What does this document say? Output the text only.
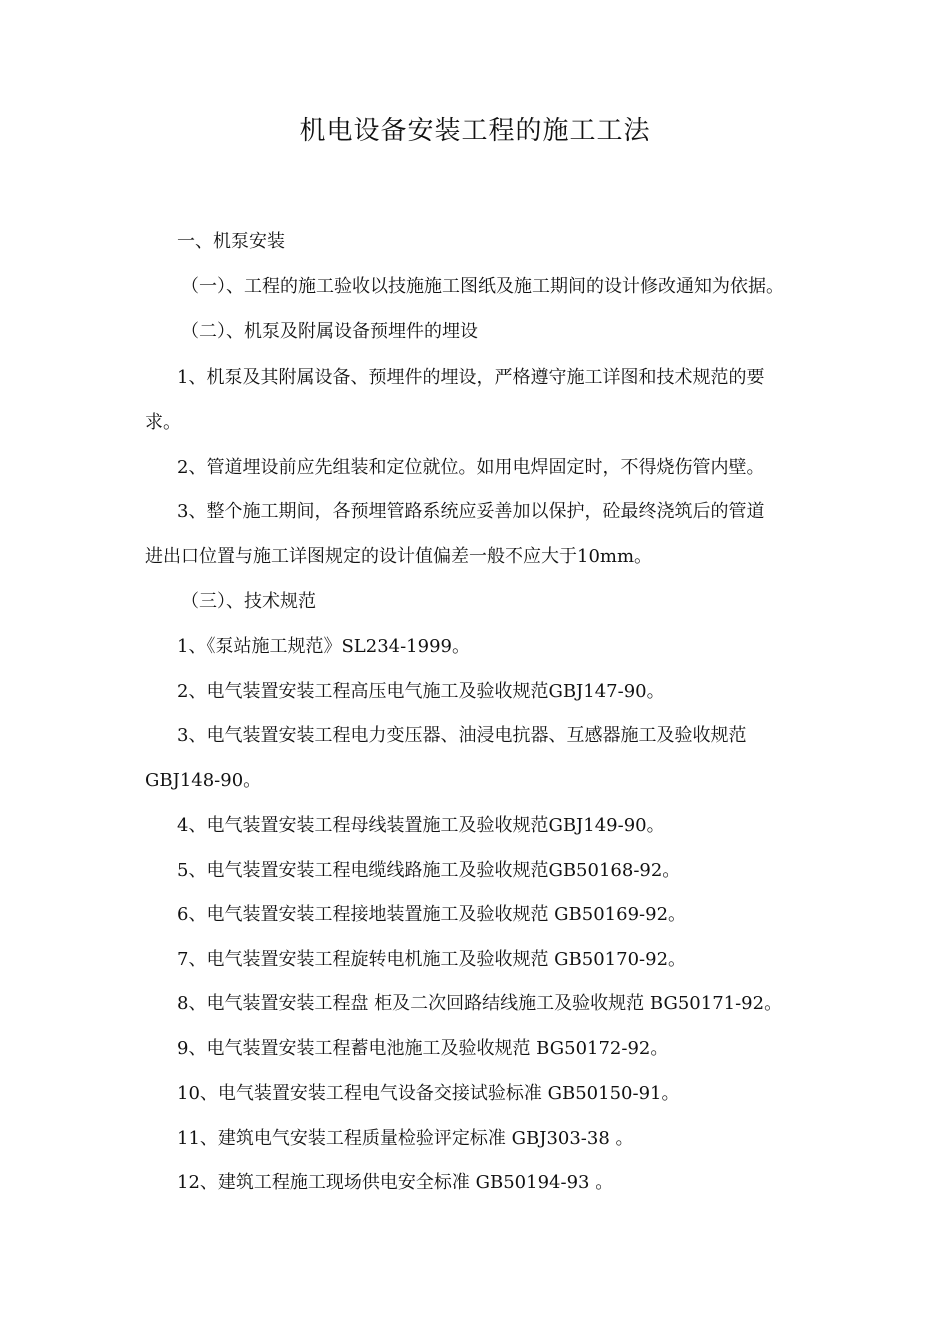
机电设备安装工程的施工工法

一、机泵安装

（一）、工程的施工验收以技施施工图纸及施工期间的设计修改通知为依据。

（二）、机泵及附属设备预埋件的埋设

1、机泵及其附属设备、预埋件的埋设，严格遵守施工详图和技术规范的要

求。

2、管道埋设前应先组装和定位就位。如用电焊固定时，不得烧伤管内壁。

3、整个施工期间，各预埋管路系统应妥善加以保护，砼最终浇筑后的管道

进出口位置与施工详图规定的设计值偏差一般不应大于10mm。

（三）、技术规范

1、《泵站施工规范》SL234-1999。

2、电气装置安装工程高压电气施工及验收规范GBJ147-90。

3、电气装置安装工程电力变压器、油浸电抗器、互感器施工及验收规范

GBJ148-90。

4、电气装置安装工程母线装置施工及验收规范GBJ149-90。

5、电气装置安装工程电缆线路施工及验收规范GB50168-92。

6、电气装置安装工程接地装置施工及验收规范 GB50169-92。

7、电气装置安装工程旋转电机施工及验收规范 GB50170-92。

8、电气装置安装工程盘 柜及二次回路结线施工及验收规范 BG50171-92。

9、电气装置安装工程蓄电池施工及验收规范 BG50172-92。

10、电气装置安装工程电气设备交接试验标准 GB50150-91。

11、建筑电气安装工程质量检验评定标准 GBJ303-38 。

12、建筑工程施工现场供电安全标准 GB50194-93 。
